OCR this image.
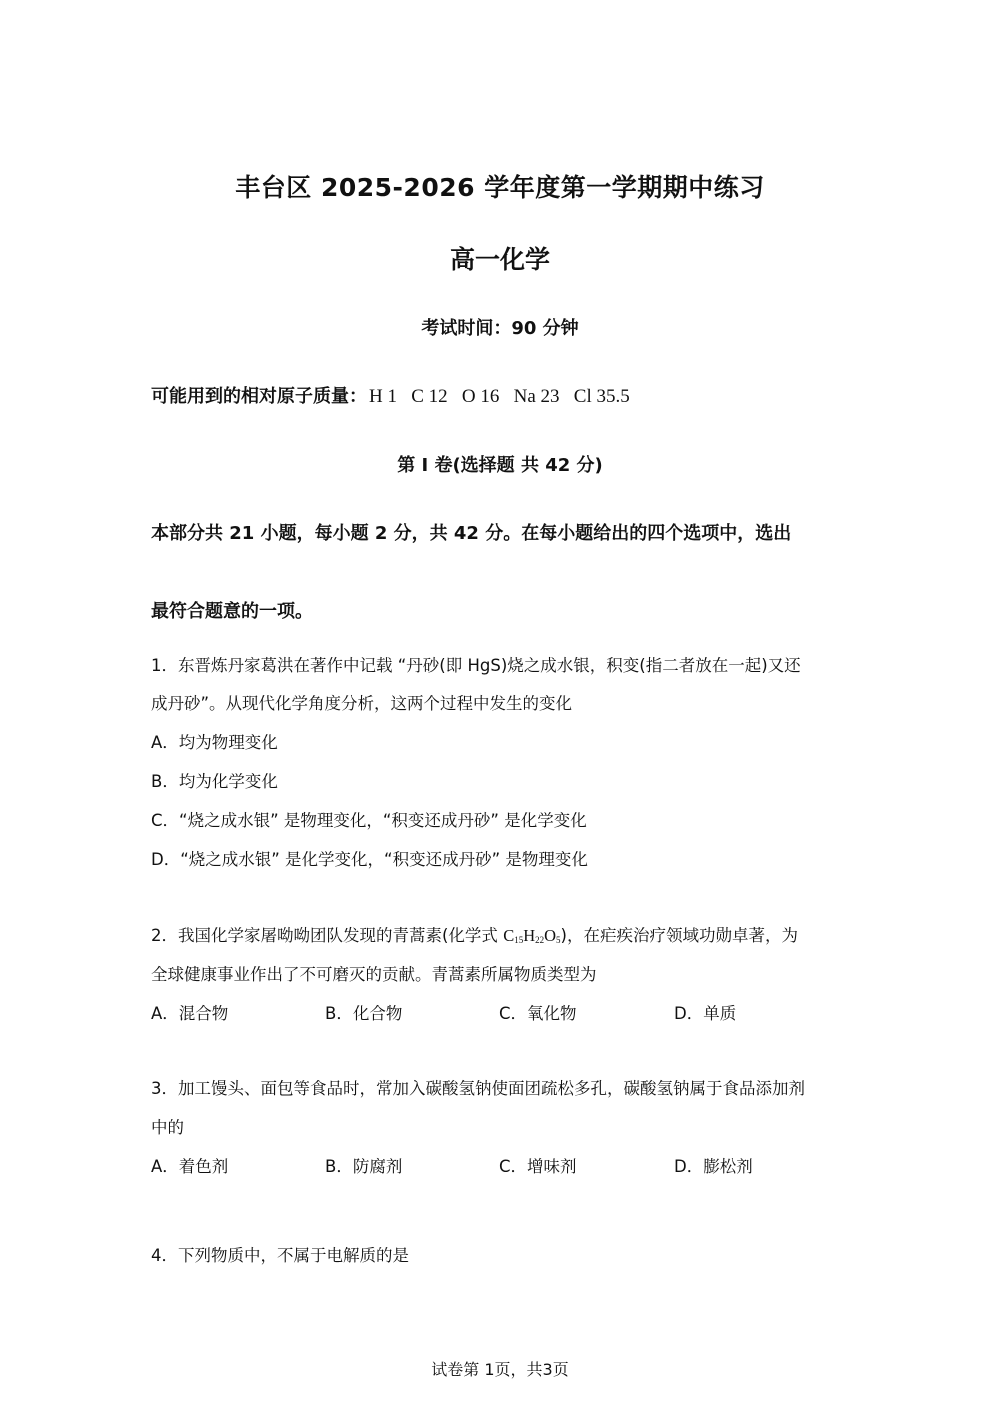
丰台区 2025-2026 学年度第一学期期中练习
高一化学
考试时间：90 分钟
可能用到的相对原子质量： H 1   C 12   O 16   Na 23   Cl 35.5
第 I 卷(选择题 共 42 分)
本部分共 21 小题，每小题 2 分，共 42 分。在每小题给出的四个选项中，选出
最符合题意的一项。
1．东晋炼丹家葛洪在著作中记载 “丹砂(即 HgS)烧之成水银，积变(指二者放在一起)又还
成丹砂”。从现代化学角度分析，这两个过程中发生的变化
A．均为物理变化
B．均为化学变化
C．“烧之成水银” 是物理变化，“积变还成丹砂” 是化学变化
D．“烧之成水银” 是化学变化，“积变还成丹砂” 是物理变化
2．我国化学家屠呦呦团队发现的青蒿素(化学式 $C_{15}H_{22}O_5$)，在疟疾治疗领域功勋卓著，为
全球健康事业作出了不可磨灭的贡献。青蒿素所属物质类型为
A．混合物	B．化合物	C．氧化物	D．单质
3．加工馒头、面包等食品时，常加入碳酸氢钠使面团疏松多孔，碳酸氢钠属于食品添加剂
中的
A．着色剂	B．防腐剂	C．增味剂	D．膨松剂
4．下列物质中，不属于电解质的是
试卷第 1页，共3页
